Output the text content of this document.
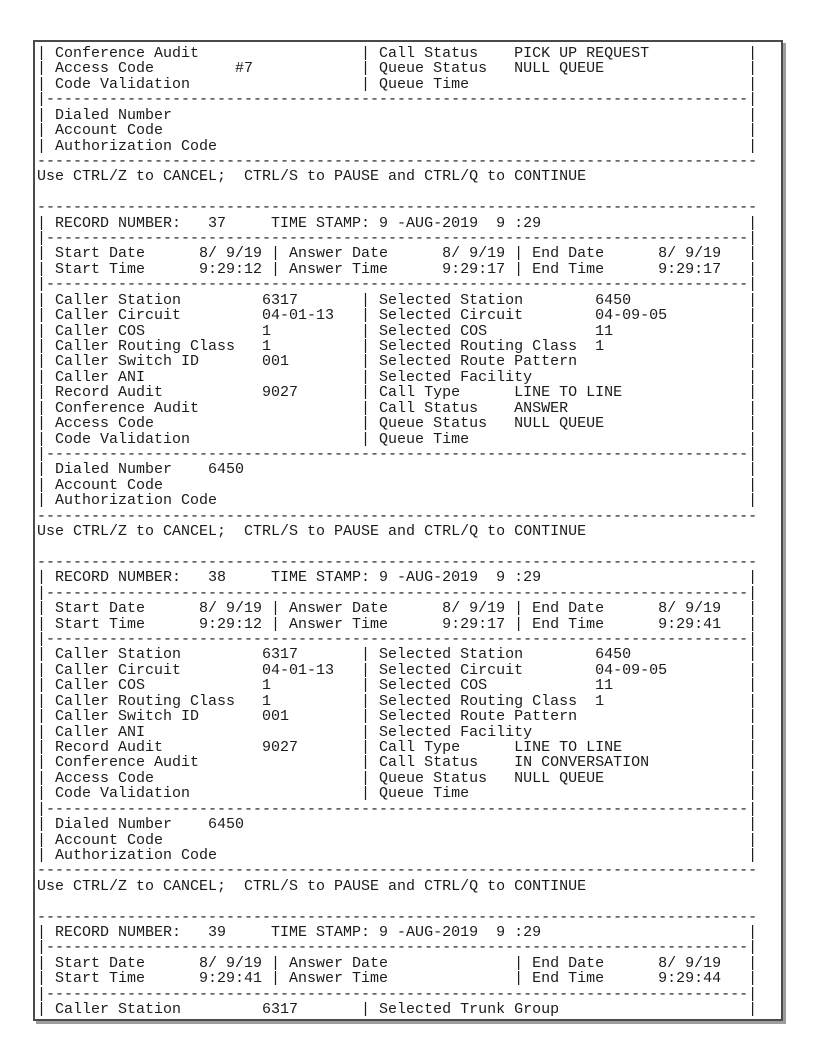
| Conference Audit                  | Call Status    PICK UP REQUEST           |
| Access Code         #7            | Queue Status   NULL QUEUE                |
| Code Validation                   | Queue Time                               |
|------------------------------------------------------------------------------|
| Dialed Number                                                                |
| Account Code                                                                 |
| Authorization Code                                                           |
--------------------------------------------------------------------------------
Use CTRL/Z to CANCEL;  CTRL/S to PAUSE and CTRL/Q to CONTINUE
--------------------------------------------------------------------------------
| RECORD NUMBER:   37     TIME STAMP: 9 -AUG-2019  9 :29                       |
|------------------------------------------------------------------------------|
| Start Date      8/ 9/19 | Answer Date      8/ 9/19 | End Date      8/ 9/19   |
| Start Time      9:29:12 | Answer Time      9:29:17 | End Time      9:29:17   |
|------------------------------------------------------------------------------|
| Caller Station         6317       | Selected Station        6450             |
| Caller Circuit         04-01-13   | Selected Circuit        04-09-05         |
| Caller COS             1          | Selected COS            11               |
| Caller Routing Class   1          | Selected Routing Class  1                |
| Caller Switch ID       001        | Selected Route Pattern                   |
| Caller ANI                        | Selected Facility                        |
| Record Audit           9027       | Call Type      LINE TO LINE              |
| Conference Audit                  | Call Status    ANSWER                    |
| Access Code                       | Queue Status   NULL QUEUE                |
| Code Validation                   | Queue Time                               |
|------------------------------------------------------------------------------|
| Dialed Number    6450                                                        |
| Account Code                                                                 |
| Authorization Code                                                           |
--------------------------------------------------------------------------------
Use CTRL/Z to CANCEL;  CTRL/S to PAUSE and CTRL/Q to CONTINUE
--------------------------------------------------------------------------------
| RECORD NUMBER:   38     TIME STAMP: 9 -AUG-2019  9 :29                       |
|------------------------------------------------------------------------------|
| Start Date      8/ 9/19 | Answer Date      8/ 9/19 | End Date      8/ 9/19   |
| Start Time      9:29:12 | Answer Time      9:29:17 | End Time      9:29:41   |
|------------------------------------------------------------------------------|
| Caller Station         6317       | Selected Station        6450             |
| Caller Circuit         04-01-13   | Selected Circuit        04-09-05         |
| Caller COS             1          | Selected COS            11               |
| Caller Routing Class   1          | Selected Routing Class  1                |
| Caller Switch ID       001        | Selected Route Pattern                   |
| Caller ANI                        | Selected Facility                        |
| Record Audit           9027       | Call Type      LINE TO LINE              |
| Conference Audit                  | Call Status    IN CONVERSATION           |
| Access Code                       | Queue Status   NULL QUEUE                |
| Code Validation                   | Queue Time                               |
|------------------------------------------------------------------------------|
| Dialed Number    6450                                                        |
| Account Code                                                                 |
| Authorization Code                                                           |
--------------------------------------------------------------------------------
Use CTRL/Z to CANCEL;  CTRL/S to PAUSE and CTRL/Q to CONTINUE
--------------------------------------------------------------------------------
| RECORD NUMBER:   39     TIME STAMP: 9 -AUG-2019  9 :29                       |
|------------------------------------------------------------------------------|
| Start Date      8/ 9/19 | Answer Date              | End Date      8/ 9/19   |
| Start Time      9:29:41 | Answer Time              | End Time      9:29:44   |
|------------------------------------------------------------------------------|
| Caller Station         6317       | Selected Trunk Group                     |
